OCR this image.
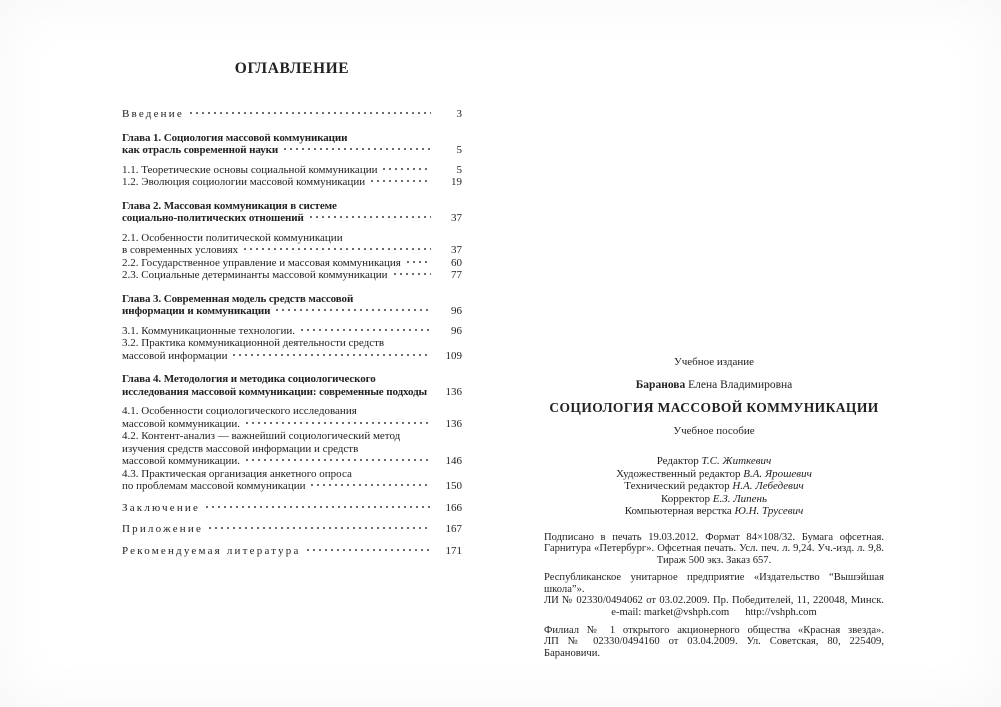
ОГЛАВЛЕНИЕ
Введение	3
Глава 1. Социология массовой коммуникации
как отрасль современной науки	5
1.1. Теоретические основы социальной коммуникации	5
1.2. Эволюция социологии массовой коммуникации	19
Глава 2. Массовая коммуникация в системе
социально-политических отношений	37
2.1. Особенности политической коммуникации
в современных условиях	37
2.2. Государственное управление и массовая коммуникация	60
2.3. Социальные детерминанты массовой коммуникации	77
Глава 3. Современная модель средств массовой
информации и коммуникации	96
3.1. Коммуникационные технологии.	96
3.2. Практика коммуникационной деятельности средств
массовой информации	109
Глава 4. Методология и методика социологического
исследования массовой коммуникации: современные подходы	136
4.1. Особенности социологического исследования
массовой коммуникации.	136
4.2. Контент-анализ — важнейший социологический метод
изучения средств массовой информации и средств
массовой коммуникации.	146
4.3. Практическая организация анкетного опроса
по проблемам массовой коммуникации	150
Заключение	166
Приложение	167
Рекомендуемая литература	171
Учебное издание
Баранова Елена Владимировна
СОЦИОЛОГИЯ МАССОВОЙ КОММУНИКАЦИИ
Учебное пособие
Редактор Т.С. Житкевич
Художественный редактор В.А. Ярошевич
Технический редактор Н.А. Лебедевич
Корректор Е.З. Липень
Компьютерная верстка Ю.Н. Трусевич
Подписано в печать 19.03.2012. Формат 84×108/32. Бумага офсетная.
Гарнитура «Петербург». Офсетная печать. Усл. печ. л. 9,24. Уч.-изд. л. 9,8.
Тираж 500 экз. Заказ 657.
Республиканское унитарное предприятие «Издательство “Вышэйшая школа”».
ЛИ № 02330/0494062 от 03.02.2009. Пр. Победителей, 11, 220048, Минск.
e-mail: market@vshph.com      http://vshph.com
Филиал № 1 открытого акционерного общества «Красная звезда».
ЛП № 02330/0494160 от 03.04.2009. Ул. Советская, 80, 225409, Барановичи.
